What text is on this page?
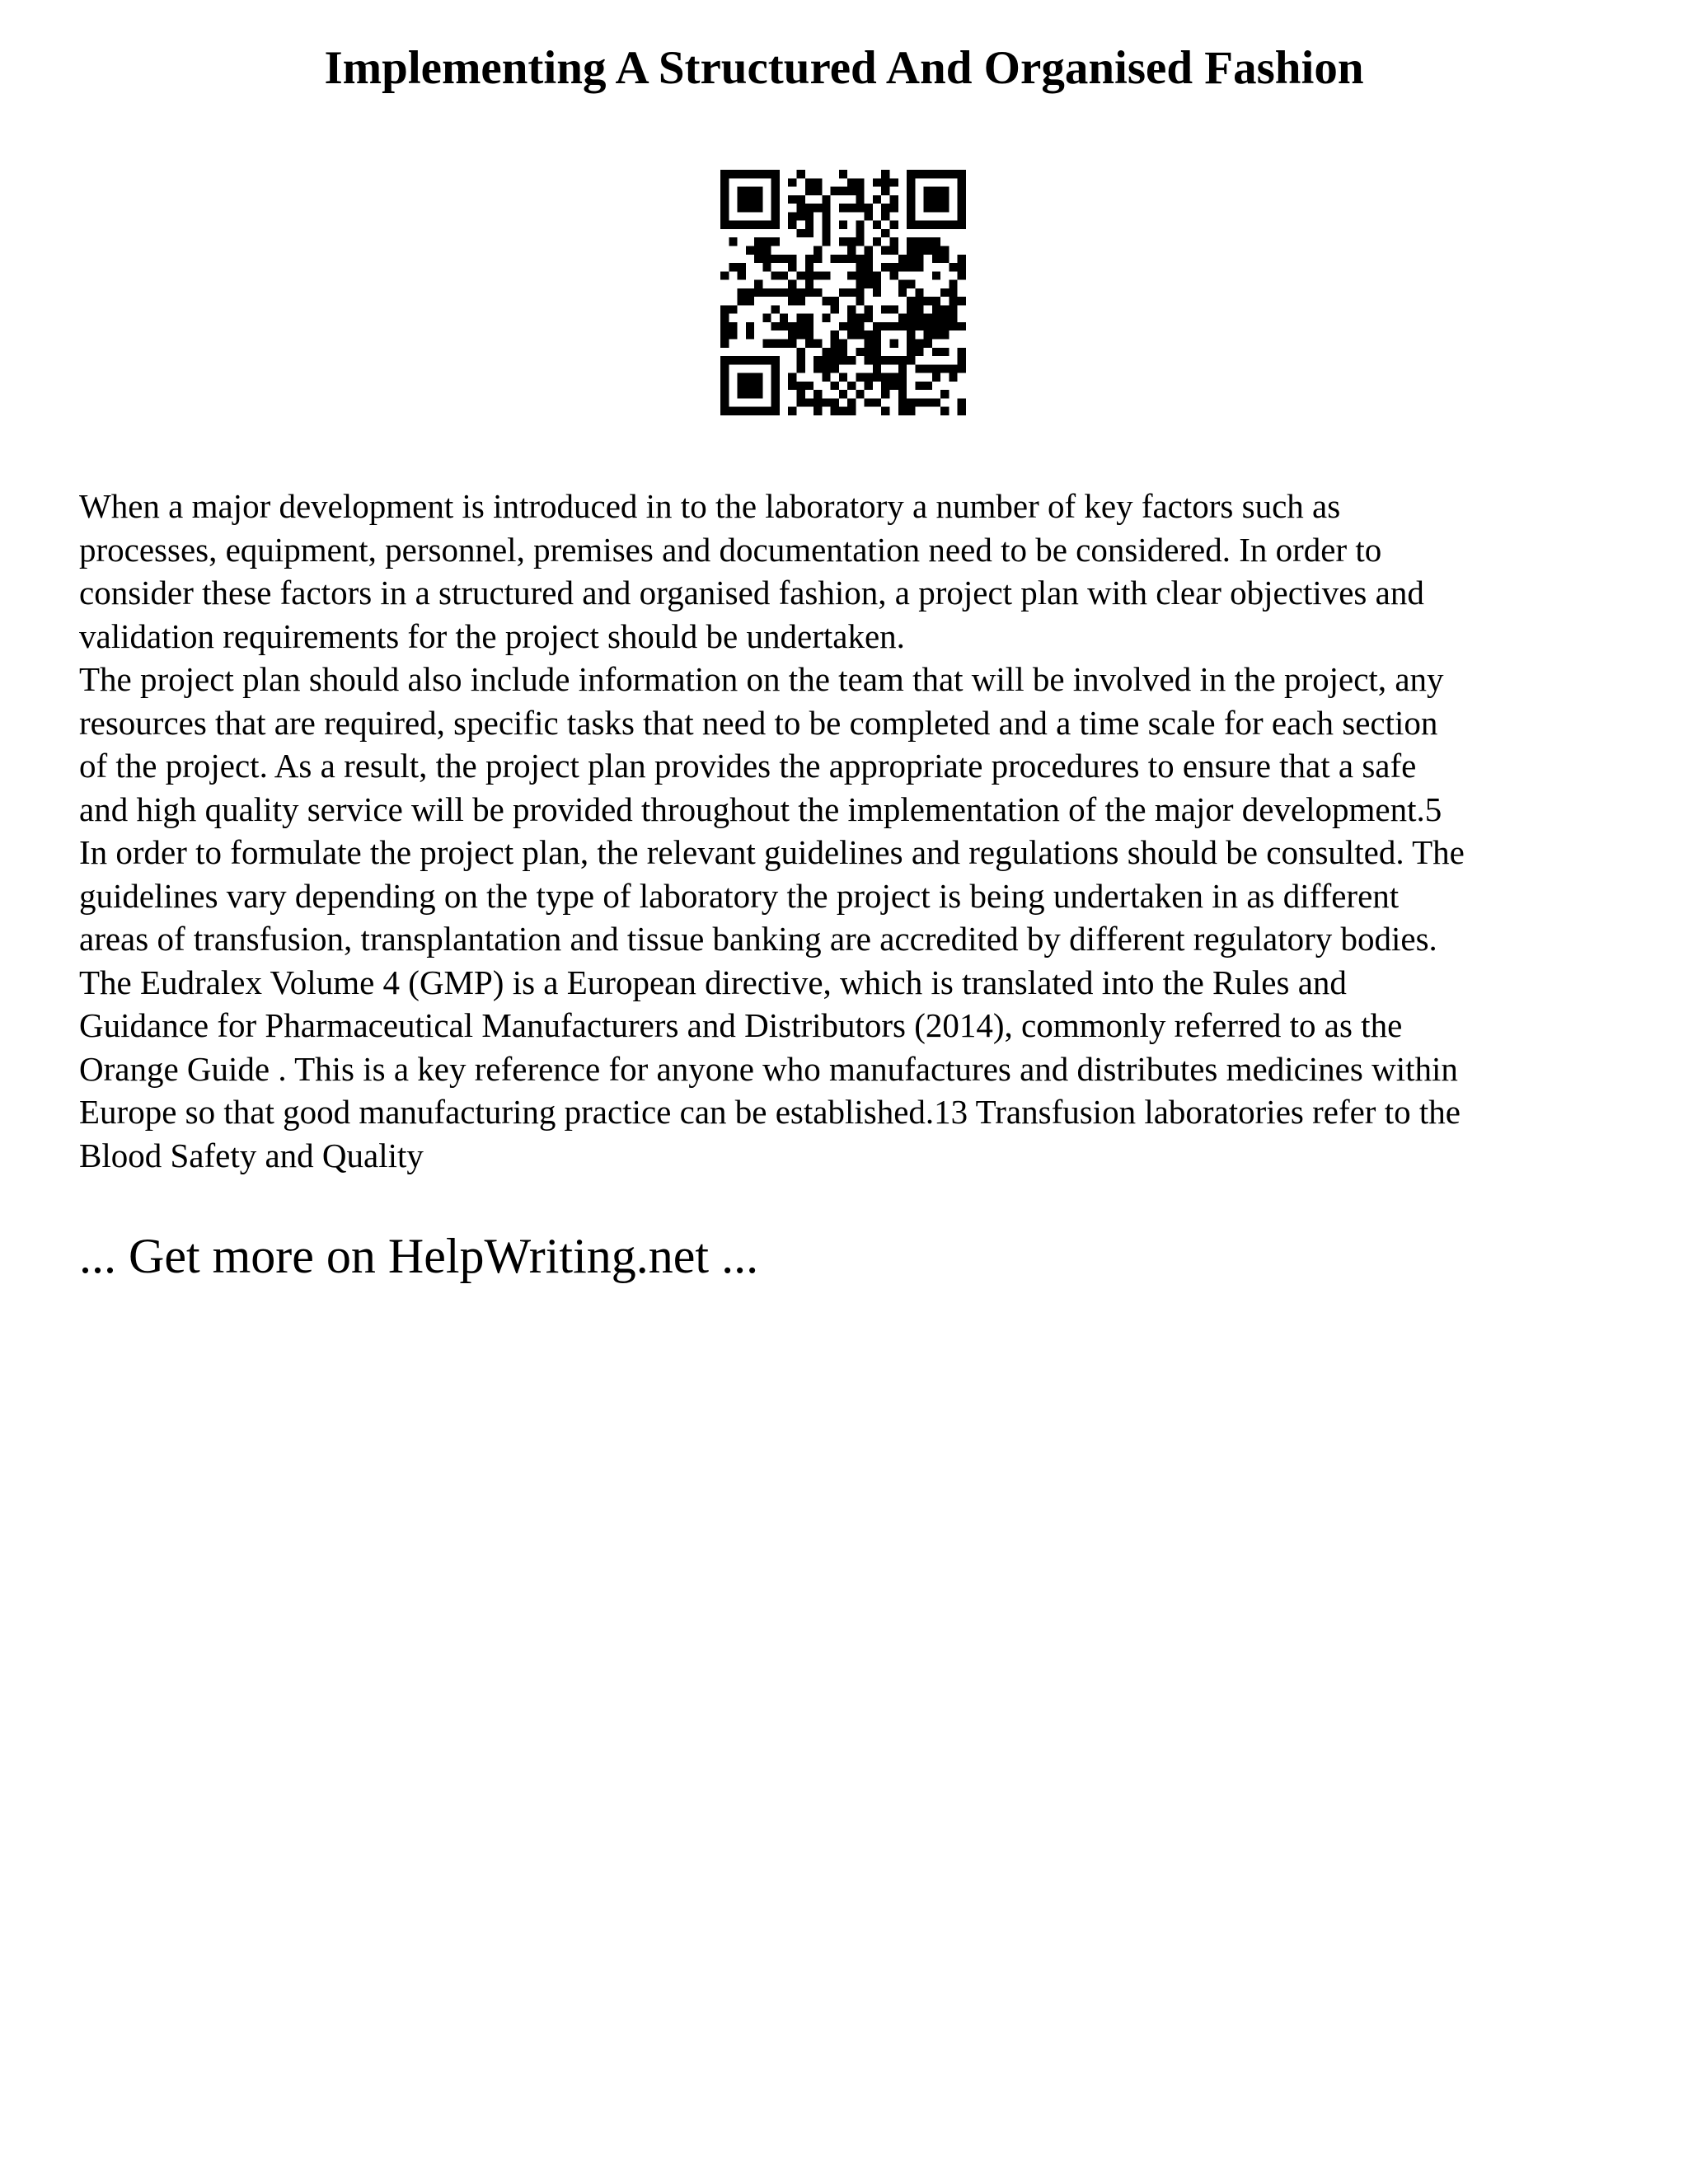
Implementing A Structured And Organised Fashion
When a major development is introduced in to the laboratory a number of key factors such as
processes, equipment, personnel, premises and documentation need to be considered. In order to
consider these factors in a structured and organised fashion, a project plan with clear objectives and
validation requirements for the project should be undertaken.
The project plan should also include information on the team that will be involved in the project, any
resources that are required, specific tasks that need to be completed and a time scale for each section
of the project. As a result, the project plan provides the appropriate procedures to ensure that a safe
and high quality service will be provided throughout the implementation of the major development.5
In order to formulate the project plan, the relevant guidelines and regulations should be consulted. The
guidelines vary depending on the type of laboratory the project is being undertaken in as different
areas of transfusion, transplantation and tissue banking are accredited by different regulatory bodies.
The Eudralex Volume 4 (GMP) is a European directive, which is translated into the Rules and
Guidance for Pharmaceutical Manufacturers and Distributors (2014), commonly referred to as the
Orange Guide . This is a key reference for anyone who manufactures and distributes medicines within
Europe so that good manufacturing practice can be established.13 Transfusion laboratories refer to the
Blood Safety and Quality
... Get more on HelpWriting.net ...
